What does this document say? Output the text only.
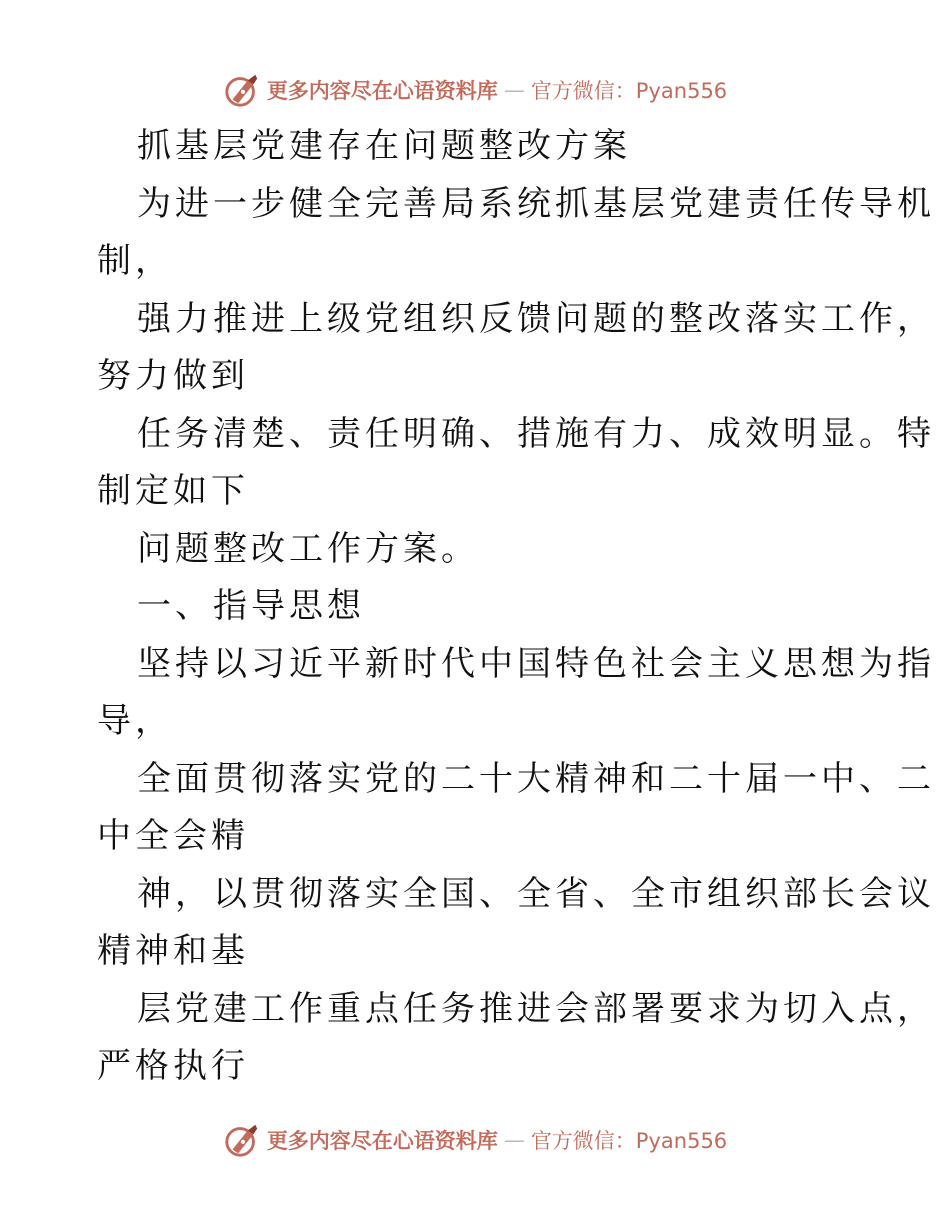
更多内容尽在心语资料库 — 官方微信：Pyan556
抓基层党建存在问题整改方案
为进一步健全完善局系统抓基层党建责任传导机
制，
强力推进上级党组织反馈问题的整改落实工作，
努力做到
任务清楚、责任明确、措施有力、成效明显。特
制定如下
问题整改工作方案。
一、指导思想
坚持以习近平新时代中国特色社会主义思想为指
导，
全面贯彻落实党的二十大精神和二十届一中、二
中全会精
神，以贯彻落实全国、全省、全市组织部长会议
精神和基
层党建工作重点任务推进会部署要求为切入点，
严格执行
更多内容尽在心语资料库 — 官方微信：Pyan556
